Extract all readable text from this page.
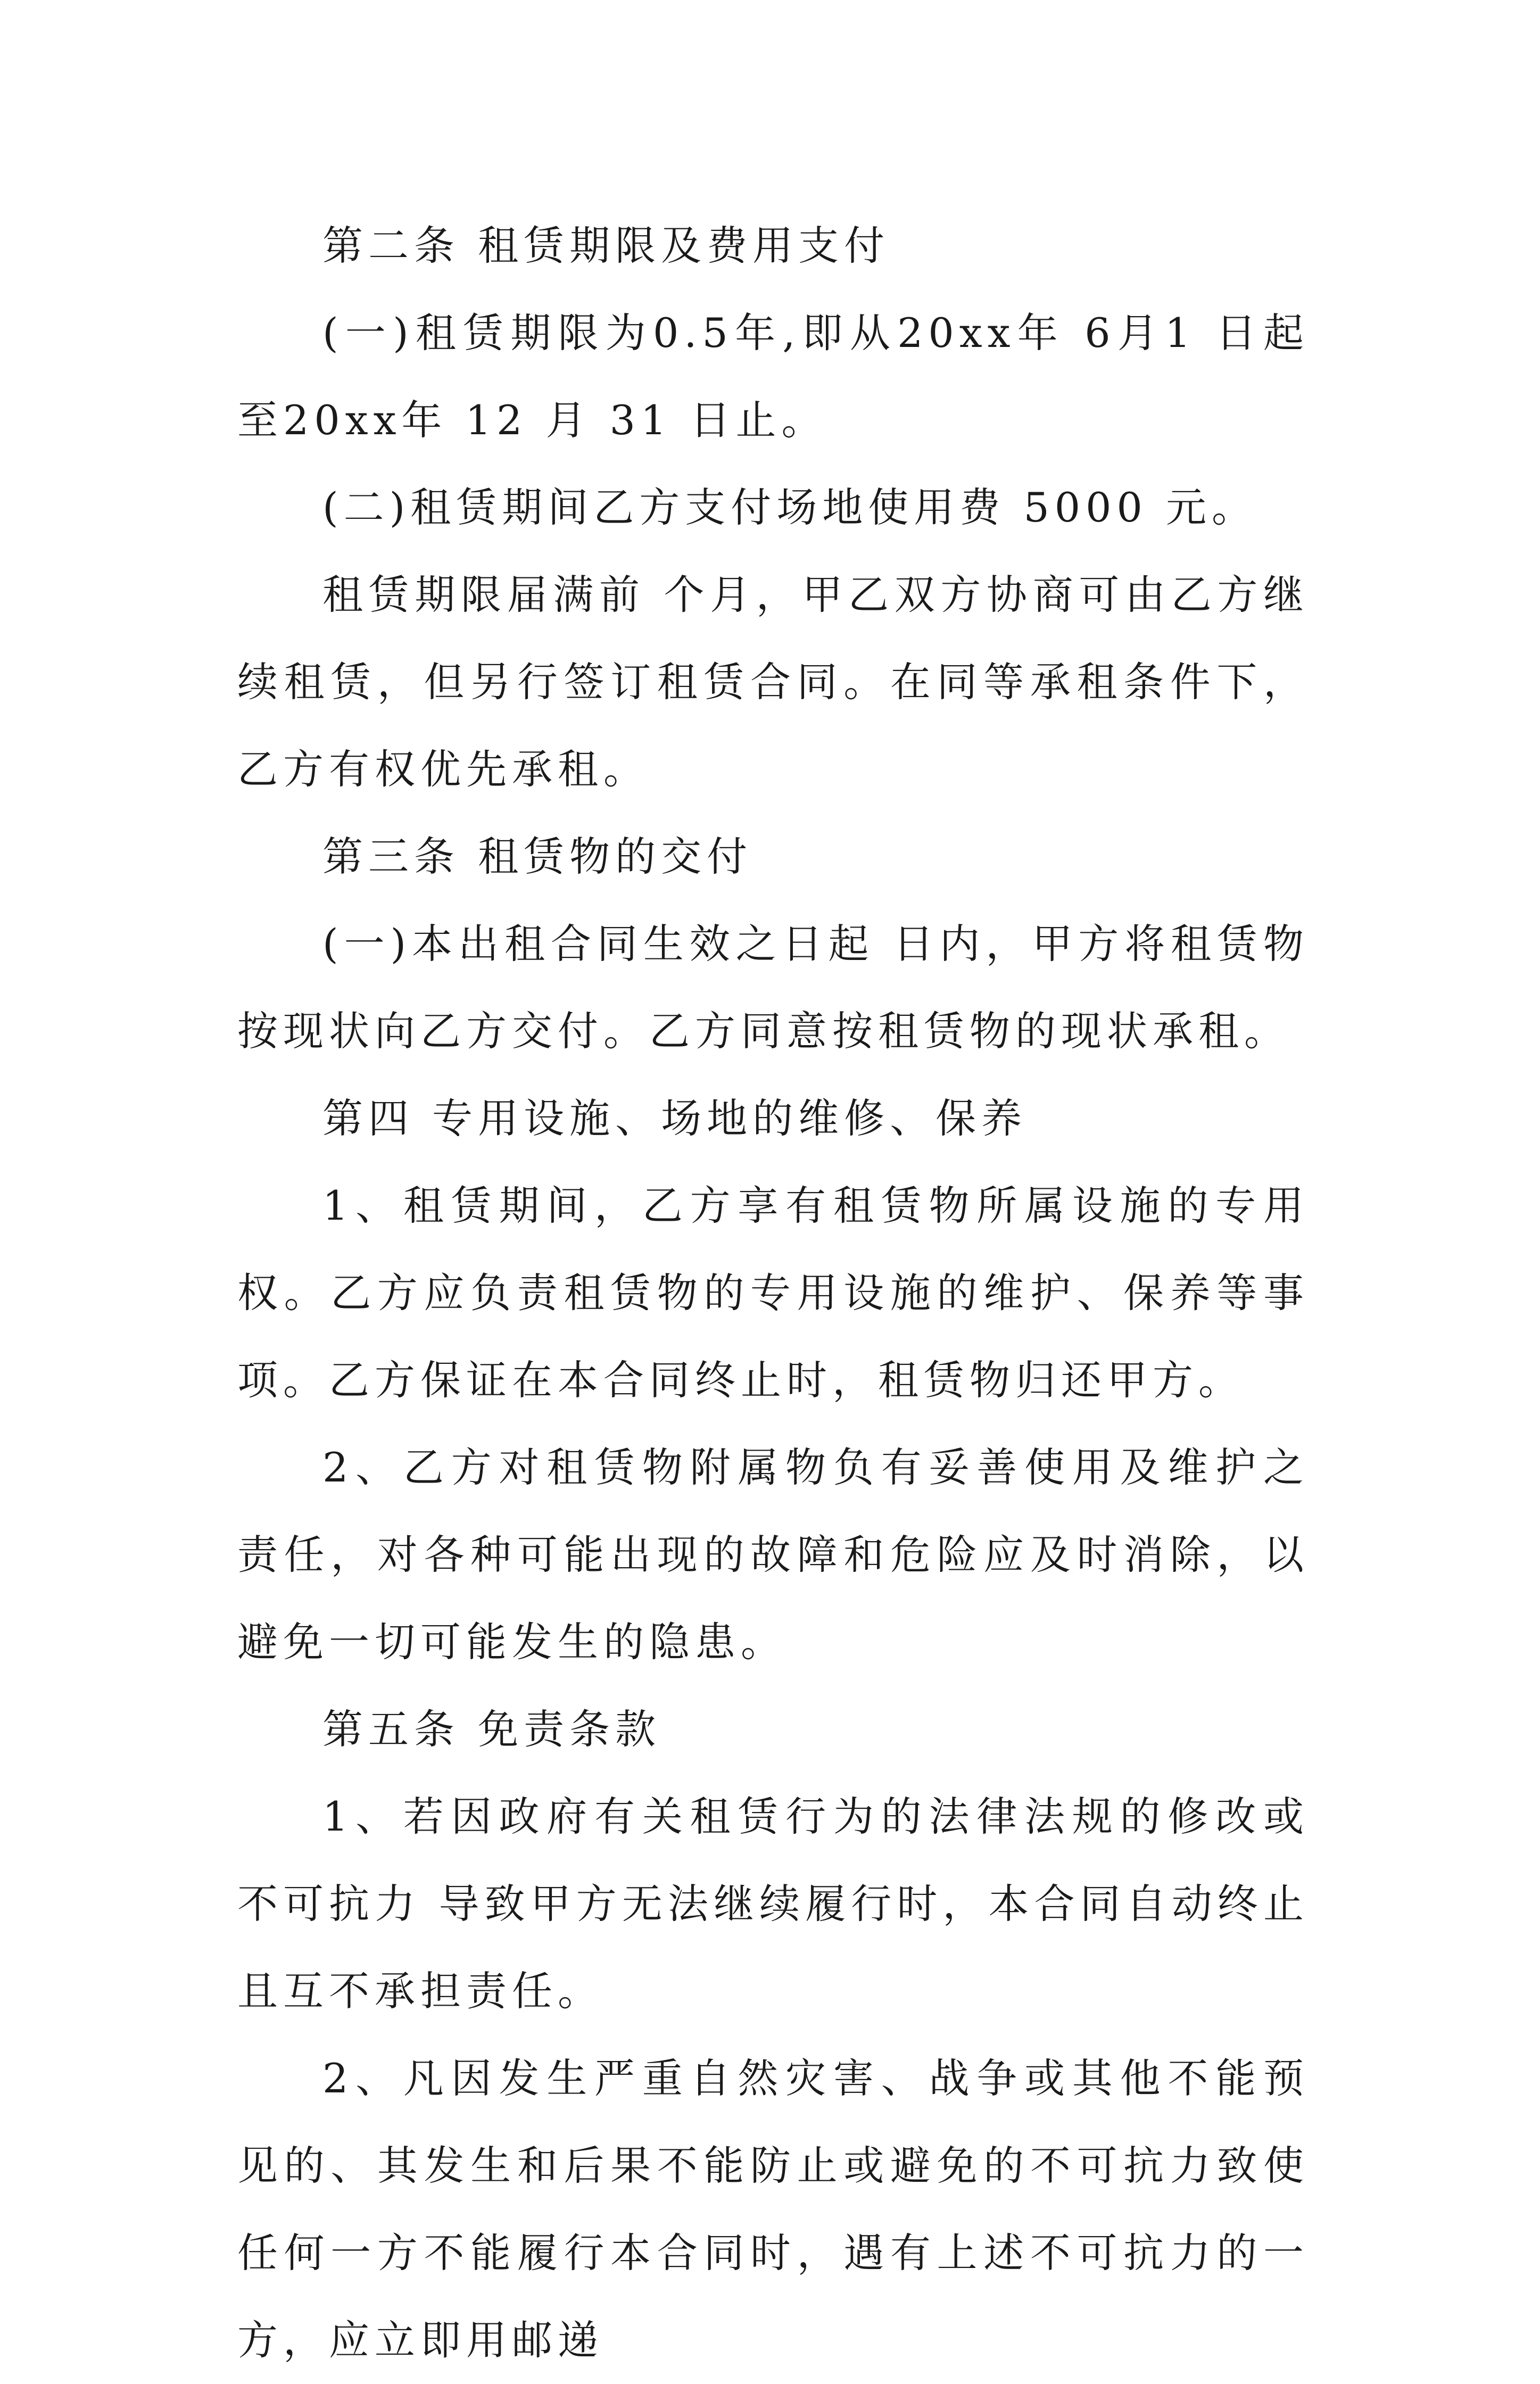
第二条 租赁期限及费用支付

(一)租赁期限为0.5年,即从20xx年 6月1 日起至20xx年 12 月 31 日止。

(二)租赁期间乙方支付场地使用费 5000 元。

租赁期限届满前 个月，甲乙双方协商可由乙方继续租赁，但另行签订租赁合同。在同等承租条件下，乙方有权优先承租。

第三条 租赁物的交付

(一)本出租合同生效之日起 日内，甲方将租赁物按现状向乙方交付。乙方同意按租赁物的现状承租。

第四 专用设施、场地的维修、保养

1、租赁期间，乙方享有租赁物所属设施的专用权。乙方应负责租赁物的专用设施的维护、保养等事项。乙方保证在本合同终止时，租赁物归还甲方。

2、乙方对租赁物附属物负有妥善使用及维护之责任，对各种可能出现的故障和危险应及时消除，以避免一切可能发生的隐患。

第五条 免责条款

1、若因政府有关租赁行为的法律法规的修改或不可抗力 导致甲方无法继续履行时，本合同自动终止且互不承担责任。

2、凡因发生严重自然灾害、战争或其他不能预见的、其发生和后果不能防止或避免的不可抗力致使任何一方不能履行本合同时，遇有上述不可抗力的一方，应立即用邮递
